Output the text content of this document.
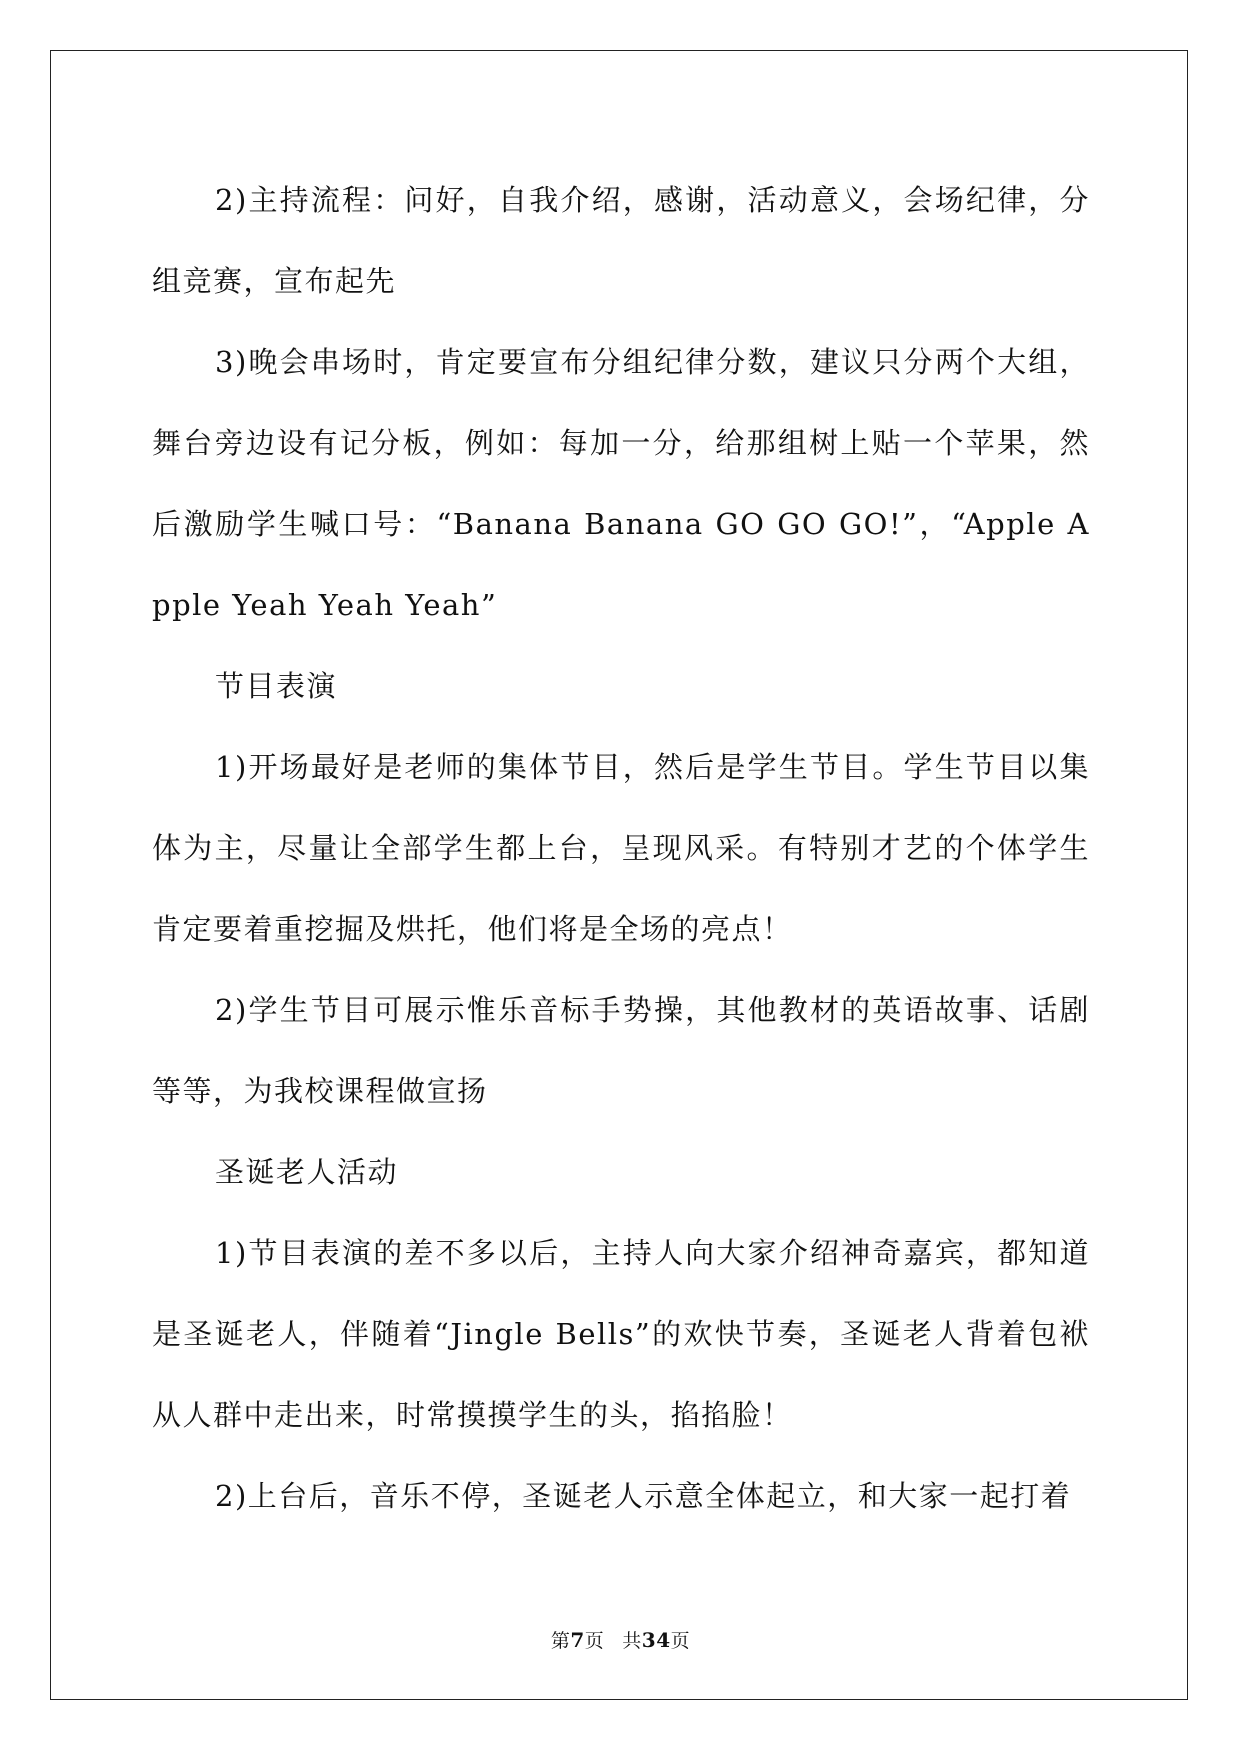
2)主持流程：问好，自我介绍，感谢，活动意义，会场纪律，分组竞赛，宣布起先

3)晚会串场时，肯定要宣布分组纪律分数，建议只分两个大组，舞台旁边设有记分板，例如：每加一分，给那组树上贴一个苹果，然后激励学生喊口号：“Banana Banana GO GO GO!”，“Apple Apple Yeah Yeah Yeah”

节目表演

1)开场最好是老师的集体节目，然后是学生节目。学生节目以集体为主，尽量让全部学生都上台，呈现风采。有特别才艺的个体学生肯定要着重挖掘及烘托，他们将是全场的亮点！

2)学生节目可展示惟乐音标手势操，其他教材的英语故事、话剧等等，为我校课程做宣扬

圣诞老人活动

1)节目表演的差不多以后，主持人向大家介绍神奇嘉宾，都知道是圣诞老人，伴随着“Jingle Bells”的欢快节奏，圣诞老人背着包袱从人群中走出来，时常摸摸学生的头，掐掐脸！

2)上台后，音乐不停，圣诞老人示意全体起立，和大家一起打着

第7页 共34页
